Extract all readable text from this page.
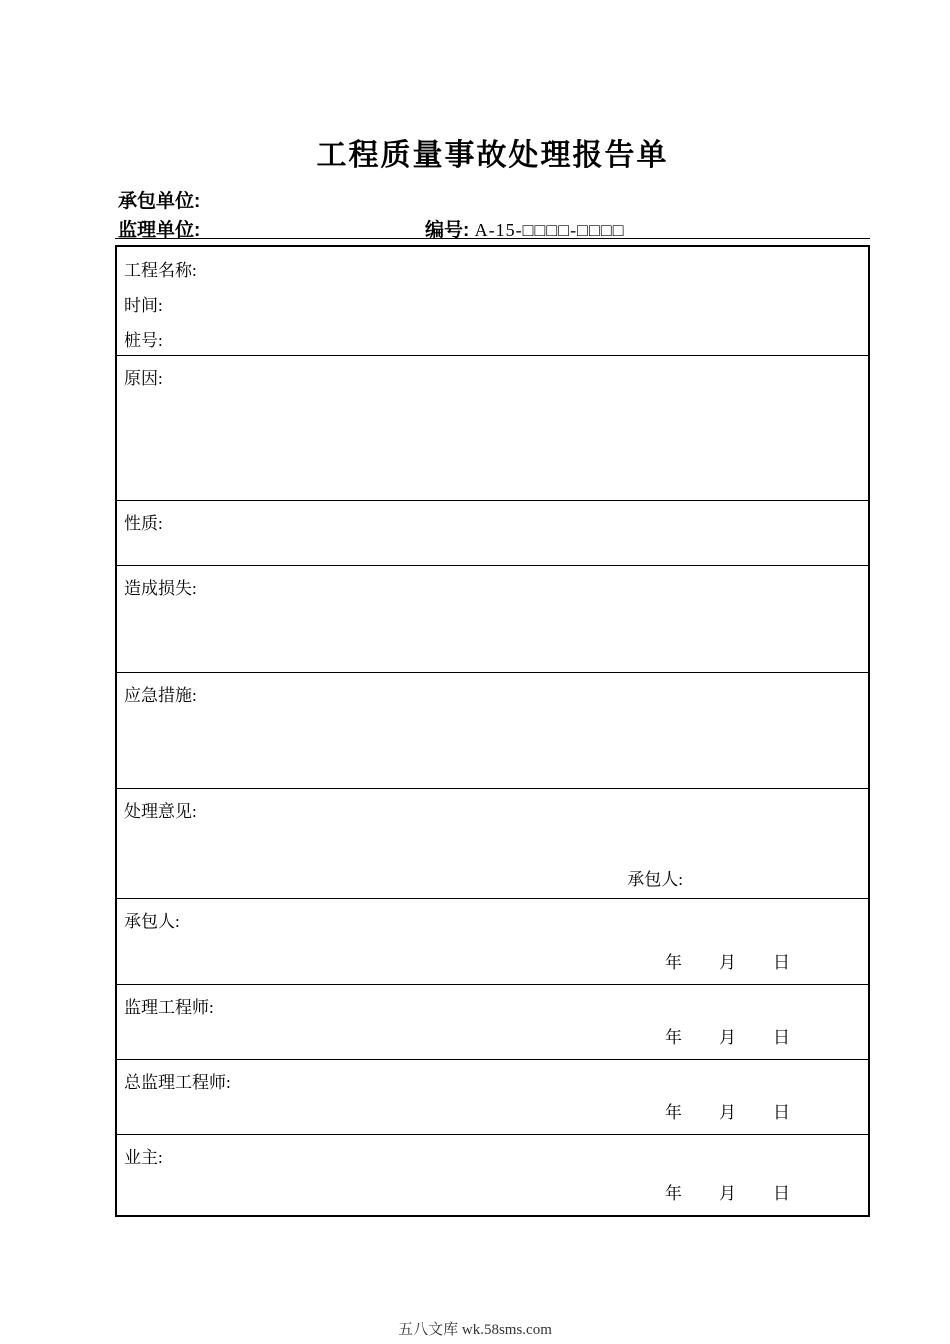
工程质量事故处理报告单
承包单位:
监理单位:	编号: A-15-□□□□-□□□□
工程名称:
时间:
桩号:
原因:
性质:
造成损失:
应急措施:
处理意见:
承包人:
承包人:
年 月 日
监理工程师:
年 月 日
总监理工程师:
年 月 日
业主:
年 月 日
五八文库 wk.58sms.com
